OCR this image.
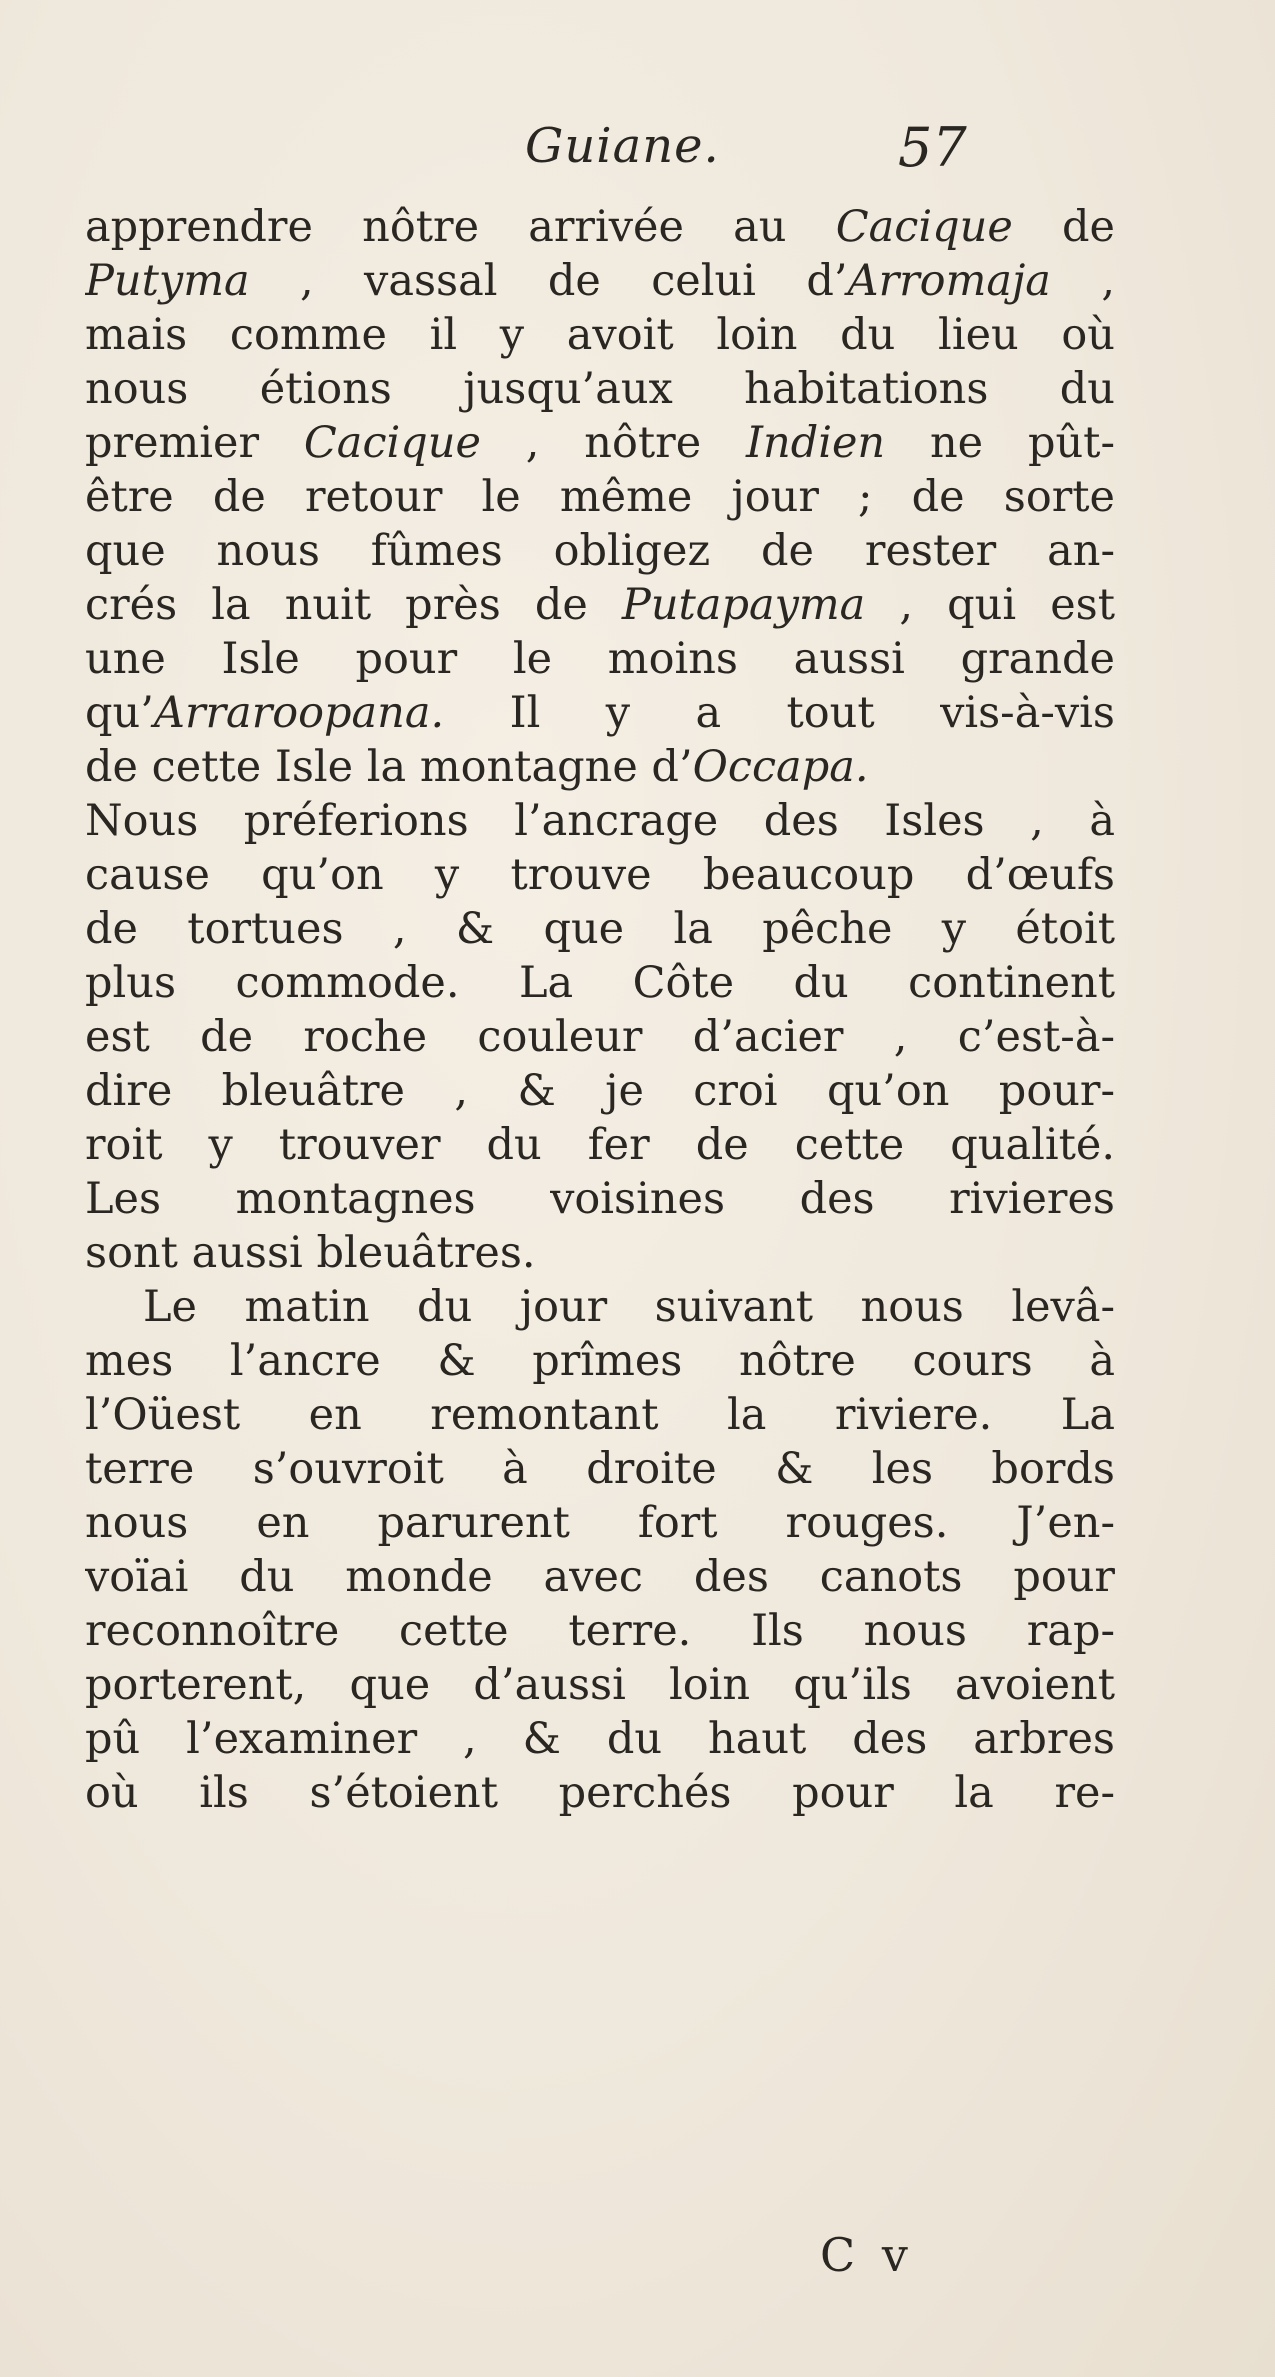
Guiane.	57
apprendre nôtre arrivée au Cacique de
Putyma , vassal de celui d’Arromaja ,
mais comme il y avoit loin du lieu où
nous étions jusqu’aux habitations du
premier Cacique , nôtre Indien ne pût-
être de retour le même jour ; de sorte
que nous fûmes obligez de rester an-
crés la nuit près de Putapayma , qui est
une Isle pour le moins aussi grande
qu’Arraroopana. Il y a tout vis-à-vis
de cette Isle la montagne d’Occapa.
Nous préferions l’ancrage des Isles , à
cause qu’on y trouve beaucoup d’œufs
de tortues , & que la pêche y étoit
plus commode. La Côte du continent
est de roche couleur d’acier , c’est-à-
dire bleuâtre , & je croi qu’on pour-
roit y trouver du fer de cette qualité.
Les montagnes voisines des rivieres
sont aussi bleuâtres.
Le matin du jour suivant nous levâ-
mes l’ancre & prîmes nôtre cours à
l’Oüest en remontant la riviere. La
terre s’ouvroit à droite & les bords
nous en parurent fort rouges. J’en-
voïai du monde avec des canots pour
reconnoître cette terre. Ils nous rap-
porterent, que d’aussi loin qu’ils avoient
pû l’examiner , & du haut des arbres
où ils s’étoient perchés pour la re-
C v
